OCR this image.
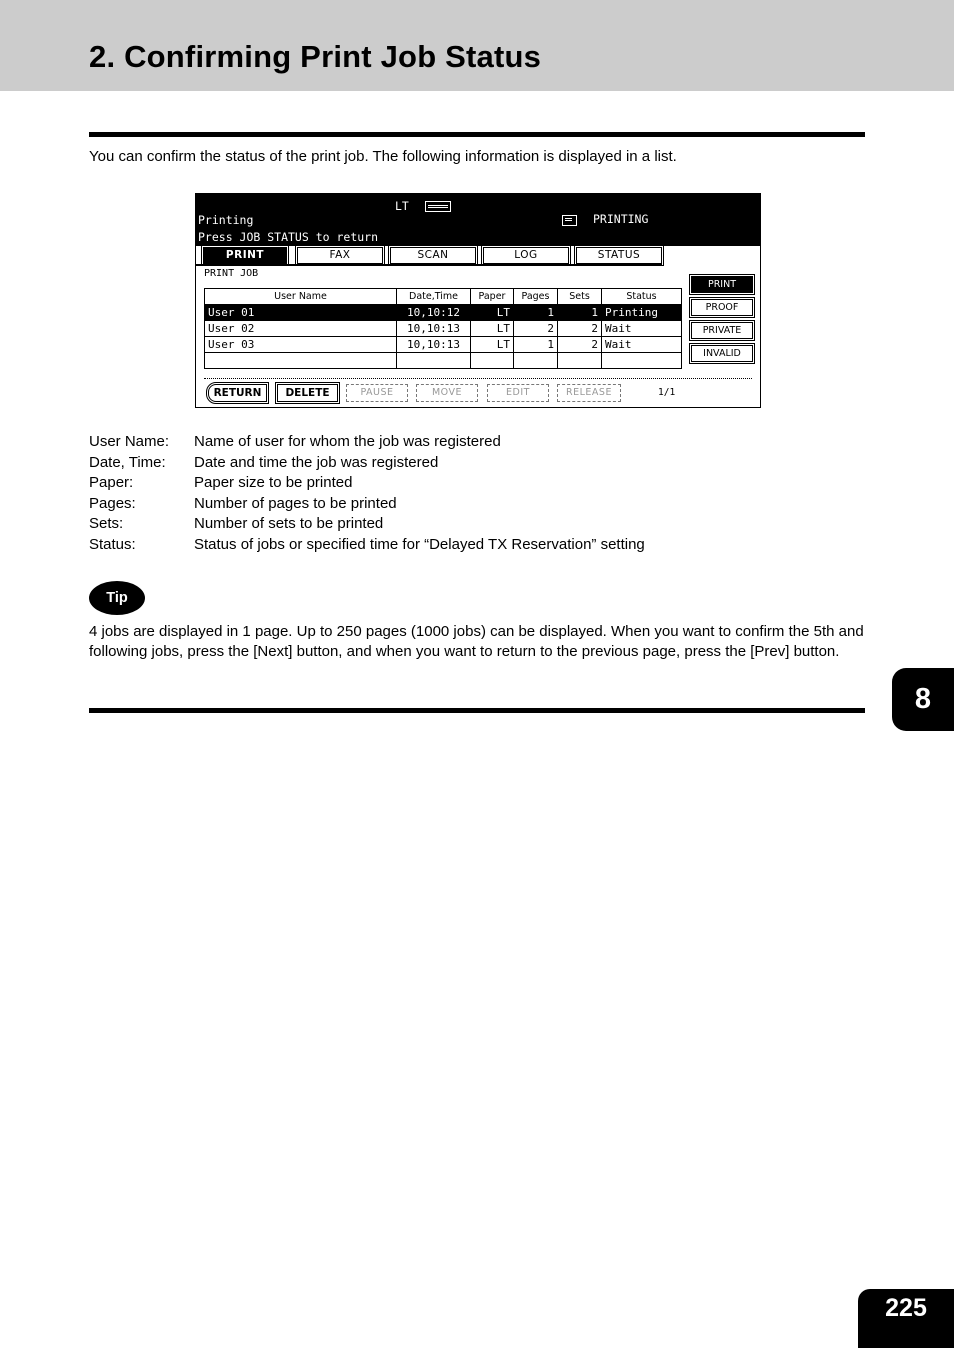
2. Confirming Print Job Status
You can confirm the status of the print job. The following information is displayed in a list.
LT
Printing	PRINTING
Press JOB STATUS to return
PRINT	FAX	SCAN	LOG	STATUS
PRINT JOB
User Name	Date,Time	Paper	Pages	Sets	Status
User 01	10,10:12	LT	1	1	Printing
User 02	10,10:13	LT	2	2	Wait
User 03	10,10:13	LT	1	2	Wait

PRINT
PROOF
PRIVATE
INVALID
RETURN	DELETE	PAUSE	MOVE	EDIT	RELEASE	1/1
User Name: Name of user for whom the job was registered
Date, Time: Date and time the job was registered
Paper:	Paper size to be printed
Pages:	Number of pages to be printed
Sets:	Number of sets to be printed
Status:	Status of jobs or specified time for “Delayed TX Reservation” setting
Tip
4 jobs are displayed in 1 page. Up to 250 pages (1000 jobs) can be displayed. When you want to confirm the 5th and following jobs, press the [Next] button, and when you want to return to the previous page, press the [Prev] button.
8
225
